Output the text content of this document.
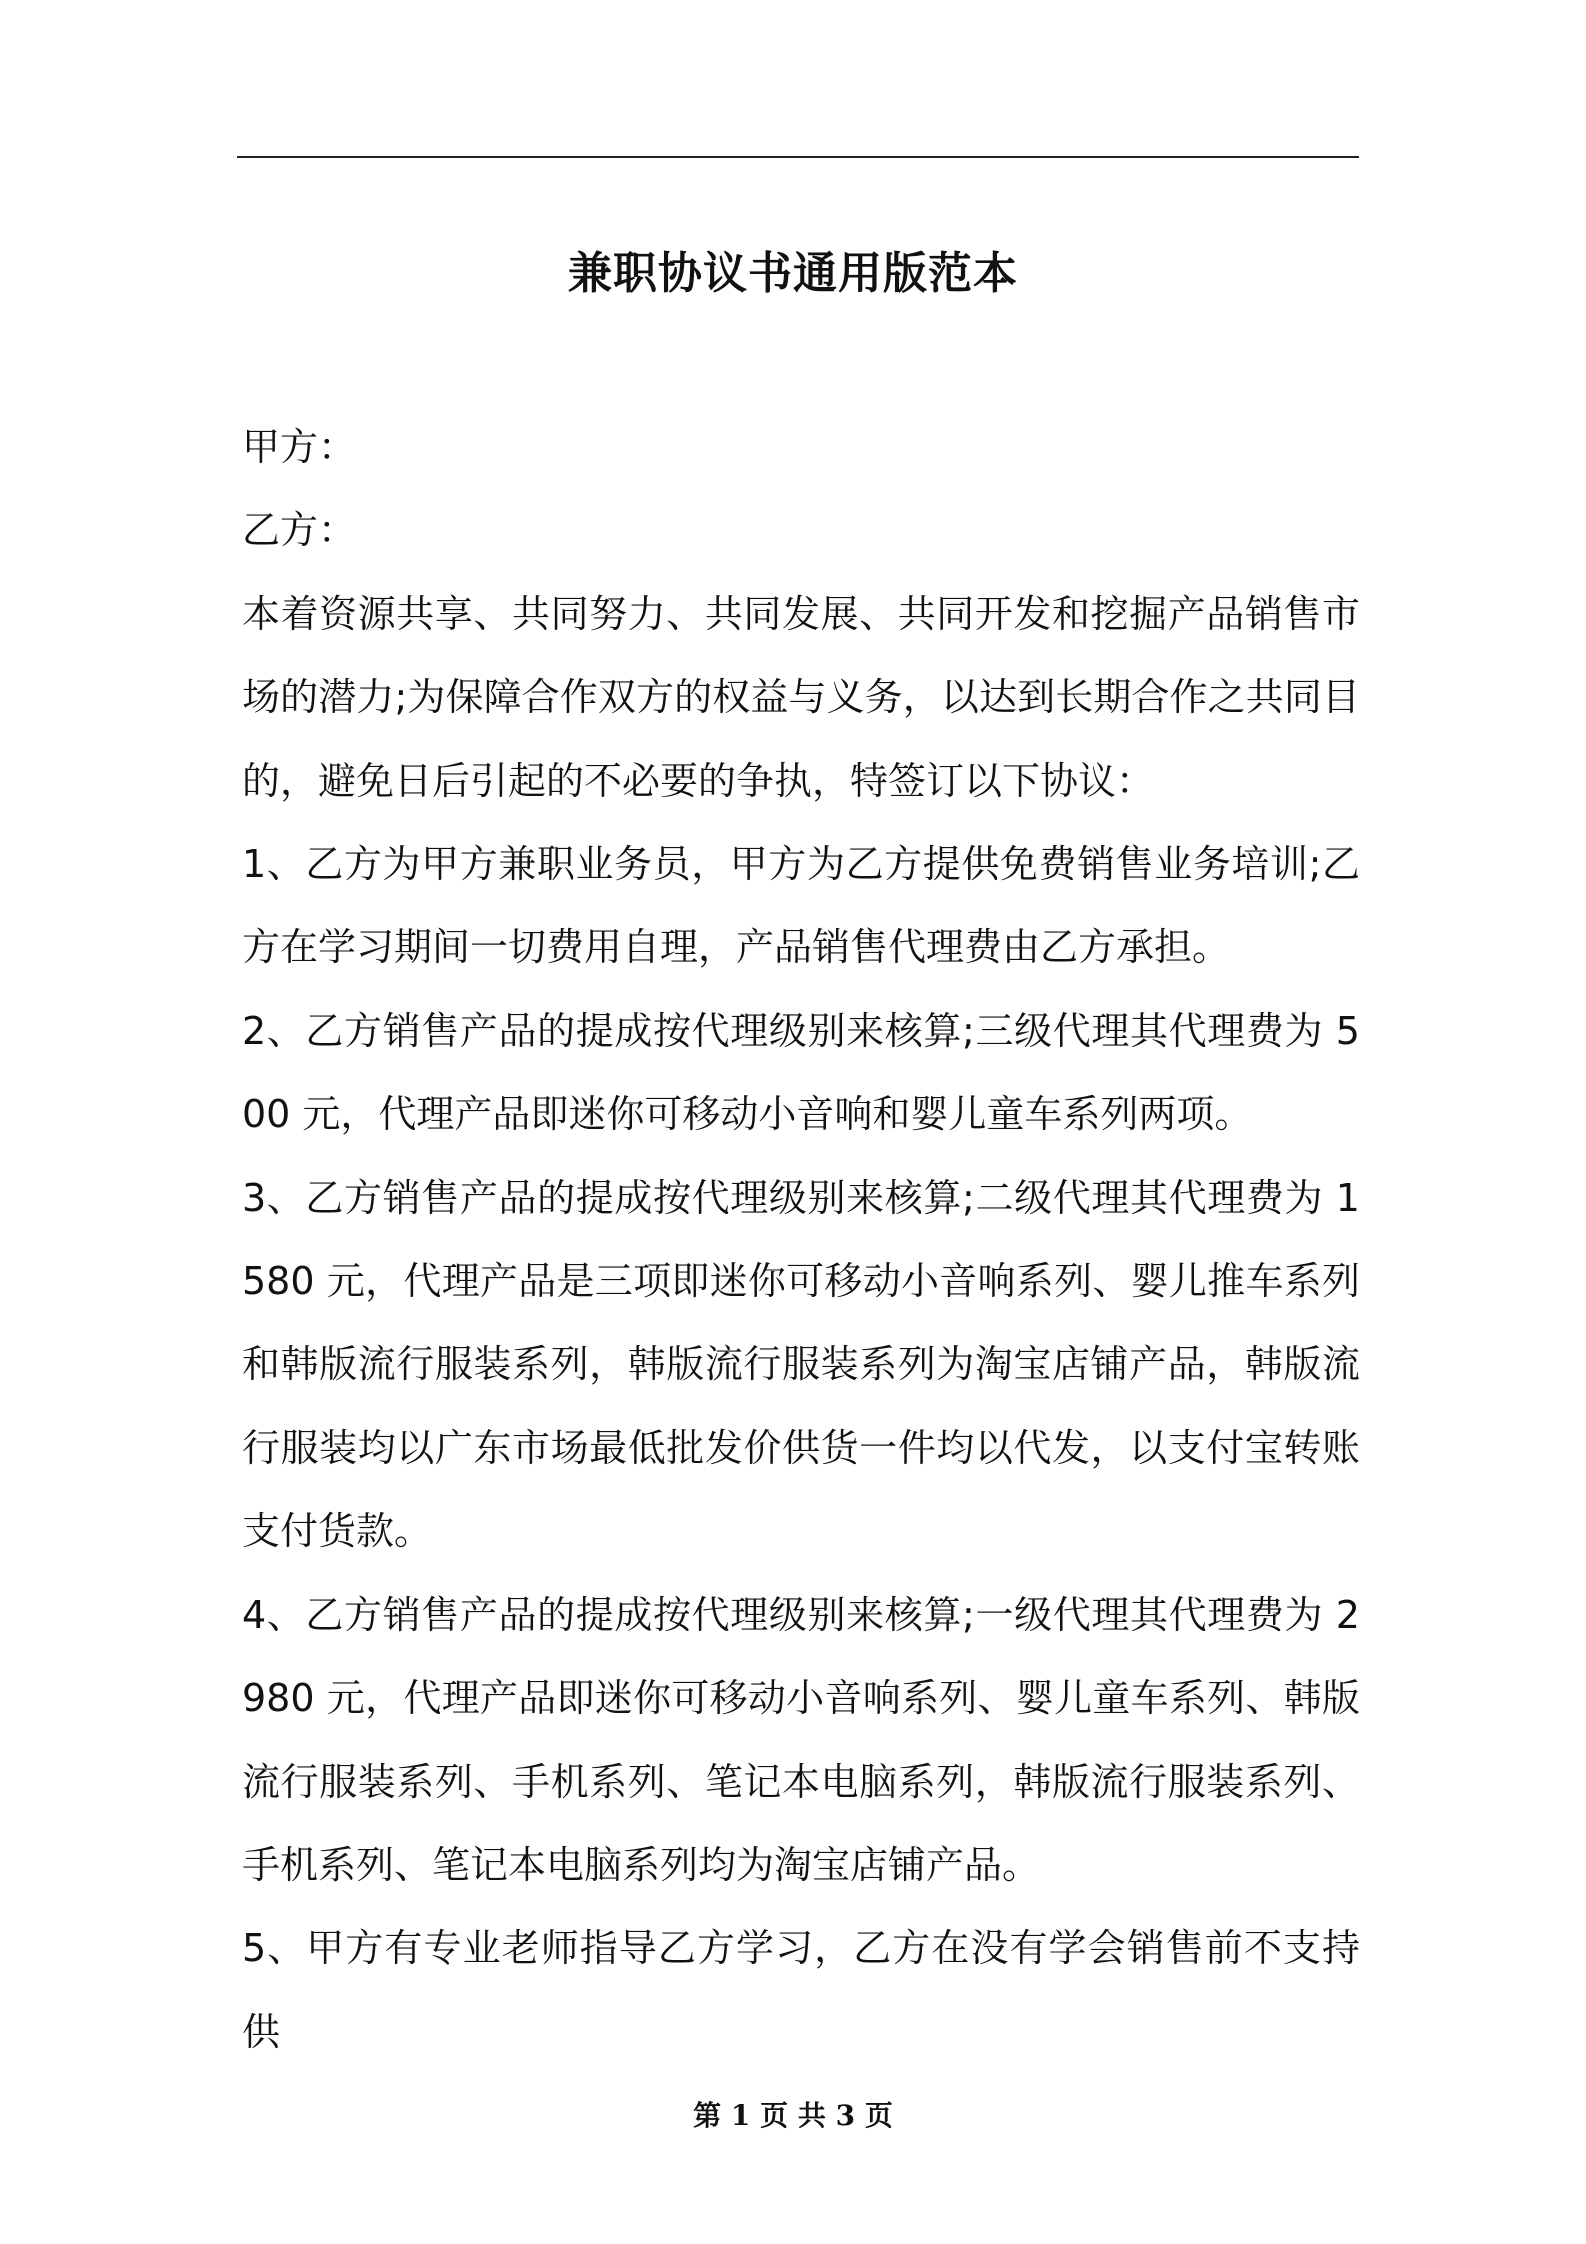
兼职协议书通用版范本

甲方：

乙方：

本着资源共享、共同努力、共同发展、共同开发和挖掘产品销售市场的潜力;为保障合作双方的权益与义务，以达到长期合作之共同目的，避免日后引起的不必要的争执，特签订以下协议：

1、乙方为甲方兼职业务员，甲方为乙方提供免费销售业务培训;乙方在学习期间一切费用自理，产品销售代理费由乙方承担。

2、乙方销售产品的提成按代理级别来核算;三级代理其代理费为 500 元，代理产品即迷你可移动小音响和婴儿童车系列两项。

3、乙方销售产品的提成按代理级别来核算;二级代理其代理费为 1580 元，代理产品是三项即迷你可移动小音响系列、婴儿推车系列和韩版流行服装系列，韩版流行服装系列为淘宝店铺产品，韩版流行服装均以广东市场最低批发价供货一件均以代发，以支付宝转账支付货款。

4、乙方销售产品的提成按代理级别来核算;一级代理其代理费为 2980 元，代理产品即迷你可移动小音响系列、婴儿童车系列、韩版流行服装系列、手机系列、笔记本电脑系列，韩版流行服装系列、手机系列、笔记本电脑系列均为淘宝店铺产品。

5、甲方有专业老师指导乙方学习，乙方在没有学会销售前不支持供

第 1 页 共 3 页
